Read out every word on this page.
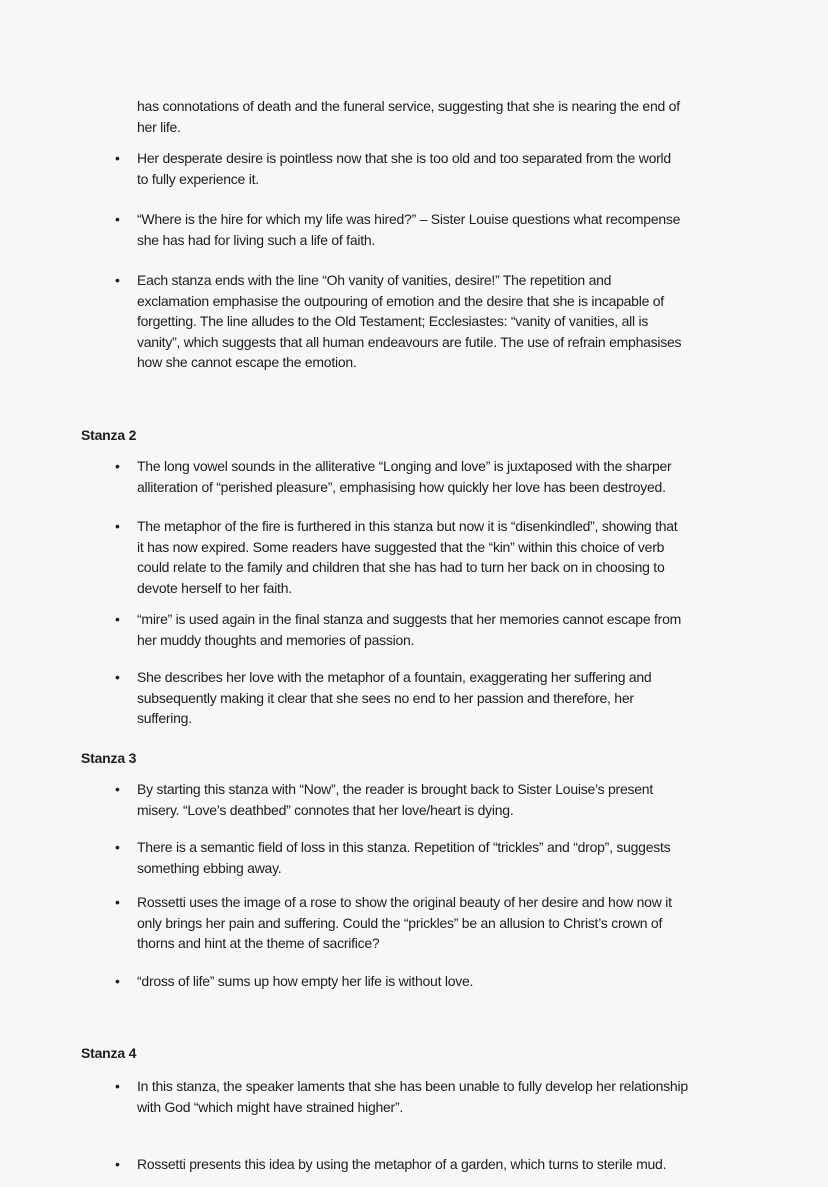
has connotations of death and the funeral service, suggesting that she is nearing the end of
her life.
• Her desperate desire is pointless now that she is too old and too separated from the world
to fully experience it.
• “Where is the hire for which my life was hired?” – Sister Louise questions what recompense
she has had for living such a life of faith.
• Each stanza ends with the line “Oh vanity of vanities, desire!” The repetition and
exclamation emphasise the outpouring of emotion and the desire that she is incapable of
forgetting. The line alludes to the Old Testament; Ecclesiastes: “vanity of vanities, all is
vanity”, which suggests that all human endeavours are futile. The use of refrain emphasises
how she cannot escape the emotion.
Stanza 2
• The long vowel sounds in the alliterative “Longing and love” is juxtaposed with the sharper
alliteration of “perished pleasure”, emphasising how quickly her love has been destroyed.
• The metaphor of the fire is furthered in this stanza but now it is “disenkindled”, showing that
it has now expired. Some readers have suggested that the “kin” within this choice of verb
could relate to the family and children that she has had to turn her back on in choosing to
devote herself to her faith.
• “mire” is used again in the final stanza and suggests that her memories cannot escape from
her muddy thoughts and memories of passion.
• She describes her love with the metaphor of a fountain, exaggerating her suffering and
subsequently making it clear that she sees no end to her passion and therefore, her
suffering.
Stanza 3
• By starting this stanza with “Now”, the reader is brought back to Sister Louise’s present
misery. “Love’s deathbed” connotes that her love/heart is dying.
• There is a semantic field of loss in this stanza. Repetition of “trickles” and “drop”, suggests
something ebbing away.
• Rossetti uses the image of a rose to show the original beauty of her desire and how now it
only brings her pain and suffering. Could the “prickles” be an allusion to Christ’s crown of
thorns and hint at the theme of sacrifice?
• “dross of life” sums up how empty her life is without love.
Stanza 4
• In this stanza, the speaker laments that she has been unable to fully develop her relationship
with God “which might have strained higher”.
• Rossetti presents this idea by using the metaphor of a garden, which turns to sterile mud.
